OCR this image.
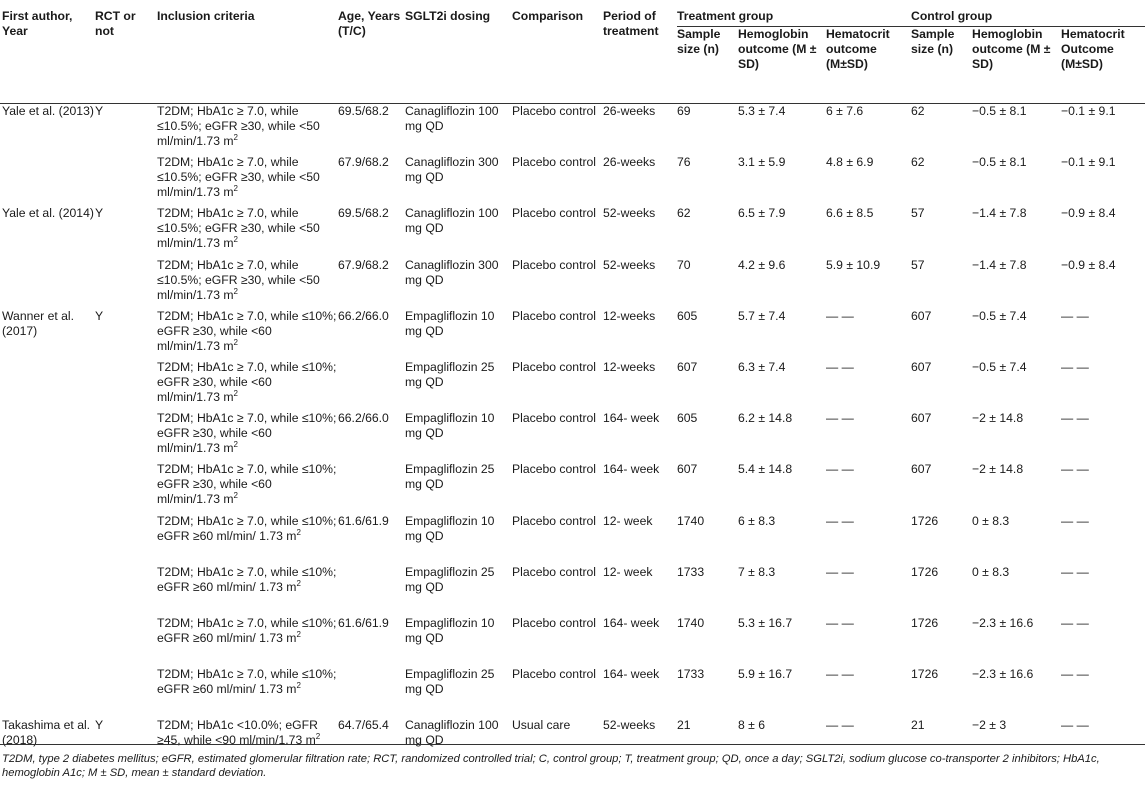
First author, Year	RCT or not	Inclusion criteria	Age, Years (T/C)	SGLT2i dosing	Comparison	Period of treatment	Treatment group			Control group		
							Sample size (n)	Hemoglobin outcome (M ± SD)	Hematocrit outcome (M±SD)	Sample size (n)	Hemoglobin outcome (M ± SD)	Hematocrit Outcome (M±SD)
Yale et al. (2013)	Y	T2DM; HbA1c ≥ 7.0, while ≤10.5%; eGFR ≥30, while <50 ml/min/1.73 $m^2$	69.5/68.2	Canagliflozin 100 mg QD	Placebo control	26-weeks	69	5.3 ± 7.4	6 ± 7.6	62	−0.5 ± 8.1	−0.1 ± 9.1
		T2DM; HbA1c ≥ 7.0, while ≤10.5%; eGFR ≥30, while <50 ml/min/1.73 $m^2$	67.9/68.2	Canagliflozin 300 mg QD	Placebo control	26-weeks	76	3.1 ± 5.9	4.8 ± 6.9	62	−0.5 ± 8.1	−0.1 ± 9.1
Yale et al. (2014)	Y	T2DM; HbA1c ≥ 7.0, while ≤10.5%; eGFR ≥30, while <50 ml/min/1.73 $m^2$	69.5/68.2	Canagliflozin 100 mg QD	Placebo control	52-weeks	62	6.5 ± 7.9	6.6 ± 8.5	57	−1.4 ± 7.8	−0.9 ± 8.4
		T2DM; HbA1c ≥ 7.0, while ≤10.5%; eGFR ≥30, while <50 ml/min/1.73 $m^2$	67.9/68.2	Canagliflozin 300 mg QD	Placebo control	52-weeks	70	4.2 ± 9.6	5.9 ± 10.9	57	−1.4 ± 7.8	−0.9 ± 8.4
Wanner et al. (2017)	Y	T2DM; HbA1c ≥ 7.0, while ≤10%; eGFR ≥30, while <60 ml/min/1.73 $m^2$	66.2/66.0	Empagliflozin 10 mg QD	Placebo control	12-weeks	605	5.7 ± 7.4	— —	607	−0.5 ± 7.4	— —
		T2DM; HbA1c ≥ 7.0, while ≤10%; eGFR ≥30, while <60 ml/min/1.73 $m^2$		Empagliflozin 25 mg QD	Placebo control	12-weeks	607	6.3 ± 7.4	— —	607	−0.5 ± 7.4	— —
		T2DM; HbA1c ≥ 7.0, while ≤10%; eGFR ≥30, while <60 ml/min/1.73 $m^2$	66.2/66.0	Empagliflozin 10 mg QD	Placebo control	164- week	605	6.2 ± 14.8	— —	607	−2 ± 14.8	— —
		T2DM; HbA1c ≥ 7.0, while ≤10%; eGFR ≥30, while <60 ml/min/1.73 $m^2$		Empagliflozin 25 mg QD	Placebo control	164- week	607	5.4 ± 14.8	— —	607	−2 ± 14.8	— —
		T2DM; HbA1c ≥ 7.0, while ≤10%; eGFR ≥60 ml/min/ 1.73 $m^2$	61.6/61.9	Empagliflozin 10 mg QD	Placebo control	12- week	1740	6 ± 8.3	— —	1726	0 ± 8.3	— —
		T2DM; HbA1c ≥ 7.0, while ≤10%; eGFR ≥60 ml/min/ 1.73 $m^2$		Empagliflozin 25 mg QD	Placebo control	12- week	1733	7 ± 8.3	— —	1726	0 ± 8.3	— —
		T2DM; HbA1c ≥ 7.0, while ≤10%; eGFR ≥60 ml/min/ 1.73 $m^2$	61.6/61.9	Empagliflozin 10 mg QD	Placebo control	164- week	1740	5.3 ± 16.7	— —	1726	−2.3 ± 16.6	— —
		T2DM; HbA1c ≥ 7.0, while ≤10%; eGFR ≥60 ml/min/ 1.73 $m^2$		Empagliflozin 25 mg QD	Placebo control	164- week	1733	5.9 ± 16.7	— —	1726	−2.3 ± 16.6	— —
Takashima et al. (2018)	Y	T2DM; HbA1c <10.0%; eGFR ≥45, while <90 ml/min/1.73 $m^2$	64.7/65.4	Canagliflozin 100 mg QD	Usual care	52-weeks	21	8 ± 6	— —	21	−2 ± 3	— —
T2DM, type 2 diabetes mellitus; eGFR, estimated glomerular filtration rate; RCT, randomized controlled trial; C, control group; T, treatment group; QD, once a day; SGLT2i, sodium glucose co-transporter 2 inhibitors; HbA1c, hemoglobin A1c; M ± SD, mean ± standard deviation.
